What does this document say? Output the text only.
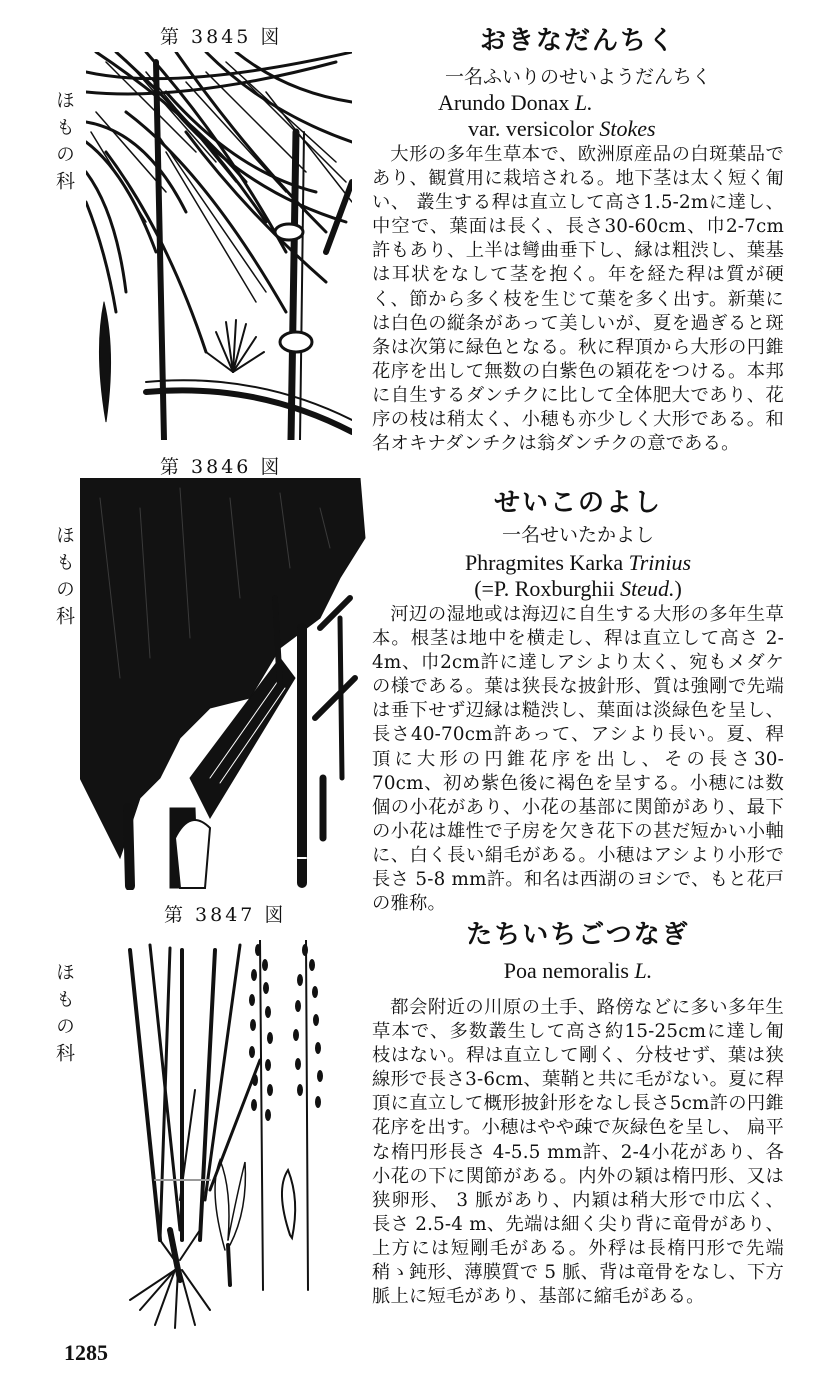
第 3845 図
ほもの科
おきなだんちく
一名ふいりのせいようだんちく
Arundo Donax L.
var. versicolor Stokes
大形の多年生草本で、欧洲原産品の白斑葉品であり、観賞用に栽培される。地下茎は太く短く匍い、 叢生する稈は直立して高さ1.5-2mに達し、中空で、葉面は長く、長さ30-60cm、巾2-7cm許もあり、上半は彎曲垂下し、縁は粗渋し、葉基は耳状をなして茎を抱く。年を経た稈は質が硬く、節から多く枝を生じて葉を多く出す。新葉には白色の縦条があって美しいが、夏を過ぎると斑条は次第に緑色となる。秋に稈頂から大形の円錐花序を出して無数の白紫色の穎花をつける。本邦に自生するダンチクに比して全体肥大であり、花序の枝は稍太く、小穂も亦少しく大形である。和名オキナダンチクは翁ダンチクの意である。
第 3846 図
ほもの科
せいこのよし
一名せいたかよし
Phragmites Karka Trinius
(=P. Roxburghii Steud.)
河辺の湿地或は海辺に自生する大形の多年生草本。根茎は地中を横走し、稈は直立して高さ 2-4m、巾2cm許に達しアシより太く、宛もメダケの様である。葉は狭長な披針形、質は強剛で先端は垂下せず辺縁は糙渋し、葉面は淡緑色を呈し、長さ40-70cm許あって、アシより長い。夏、稈頂に大形の円錐花序を出し、その長さ30-70cm、初め紫色後に褐色を呈する。小穂には数個の小花があり、小花の基部に関節があり、最下の小花は雄性で子房を欠き花下の甚だ短かい小軸に、白く長い絹毛がある。小穂はアシより小形で長さ 5-8 mm許。和名は西湖のヨシで、もと花戸の雅称。
第 3847 図
ほもの科
たちいちごつなぎ
Poa nemoralis L.
都会附近の川原の土手、路傍などに多い多年生草本で、多数叢生して高さ約15-25cmに達し匍枝はない。稈は直立して剛く、分枝せず、葉は狭線形で長さ3-6cm、葉鞘と共に毛がない。夏に稈頂に直立して概形披針形をなし長さ5cm許の円錐花序を出す。小穂はやや疎で灰緑色を呈し、 扁平な楕円形長さ 4-5.5 mm許、2-4小花があり、各小花の下に関節がある。内外の穎は楕円形、又は狭卵形、 3 脈があり、内穎は稍大形で巾広く、 長さ 2.5-4 m、先端は細く尖り背に竜骨があり、上方には短剛毛がある。外稃は長楕円形で先端稍ゝ鈍形、薄膜質で 5 脈、背は竜骨をなし、下方脈上に短毛があり、基部に縮毛がある。
1285
